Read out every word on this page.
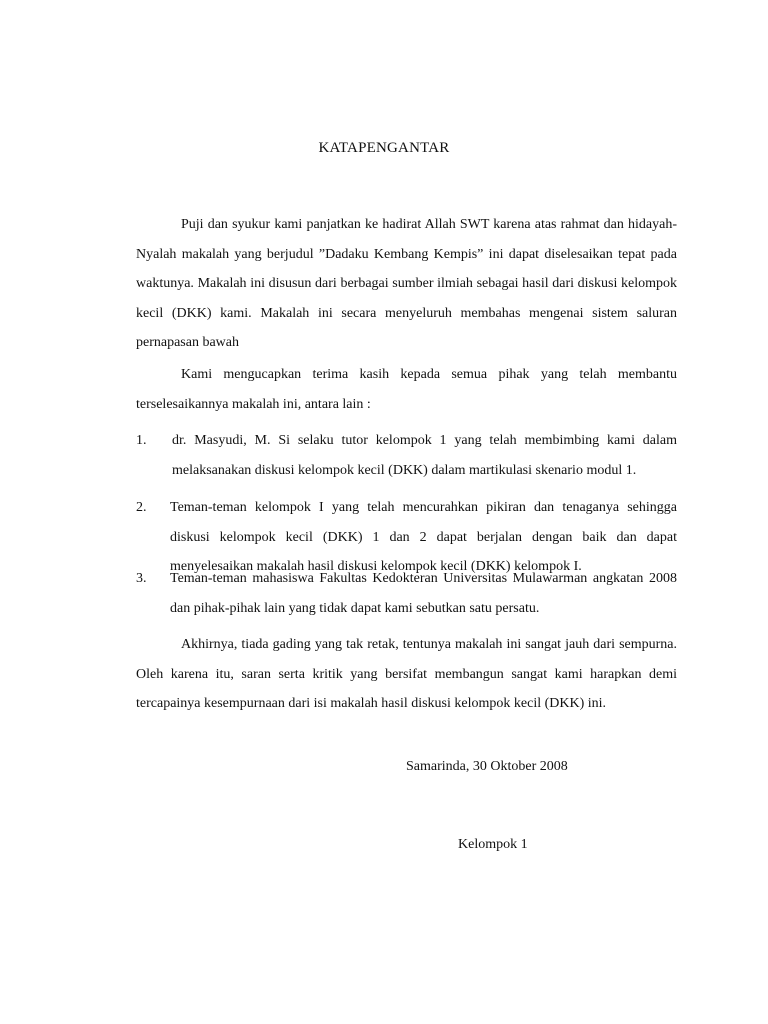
KATAPENGANTAR

Puji dan syukur kami panjatkan ke hadirat Allah SWT karena atas rahmat dan hidayah-Nyalah makalah yang berjudul ”Dadaku Kembang Kempis” ini dapat diselesaikan tepat pada waktunya. Makalah ini disusun dari berbagai sumber ilmiah sebagai hasil dari diskusi kelompok kecil (DKK) kami. Makalah ini secara menyeluruh membahas mengenai sistem saluran pernapasan bawah

Kami mengucapkan terima kasih kepada semua pihak yang telah membantu terselesaikannya makalah ini, antara lain :

1.	dr. Masyudi, M. Si selaku tutor kelompok 1 yang telah membimbing kami dalam melaksanakan diskusi kelompok kecil (DKK) dalam martikulasi skenario modul 1.
2.	Teman-teman kelompok I yang telah mencurahkan pikiran dan tenaganya sehingga diskusi kelompok kecil (DKK) 1 dan 2 dapat berjalan dengan baik dan dapat menyelesaikan makalah hasil diskusi kelompok kecil (DKK) kelompok I.
3.	Teman-teman mahasiswa Fakultas Kedokteran Universitas Mulawarman angkatan 2008 dan pihak-pihak lain yang tidak dapat kami sebutkan satu persatu.

Akhirnya, tiada gading yang tak retak, tentunya makalah ini sangat jauh dari sempurna. Oleh karena itu, saran serta kritik yang bersifat membangun sangat kami harapkan demi tercapainya kesempurnaan dari isi makalah hasil diskusi kelompok kecil (DKK) ini.

Samarinda, 30 Oktober 2008
Kelompok 1
